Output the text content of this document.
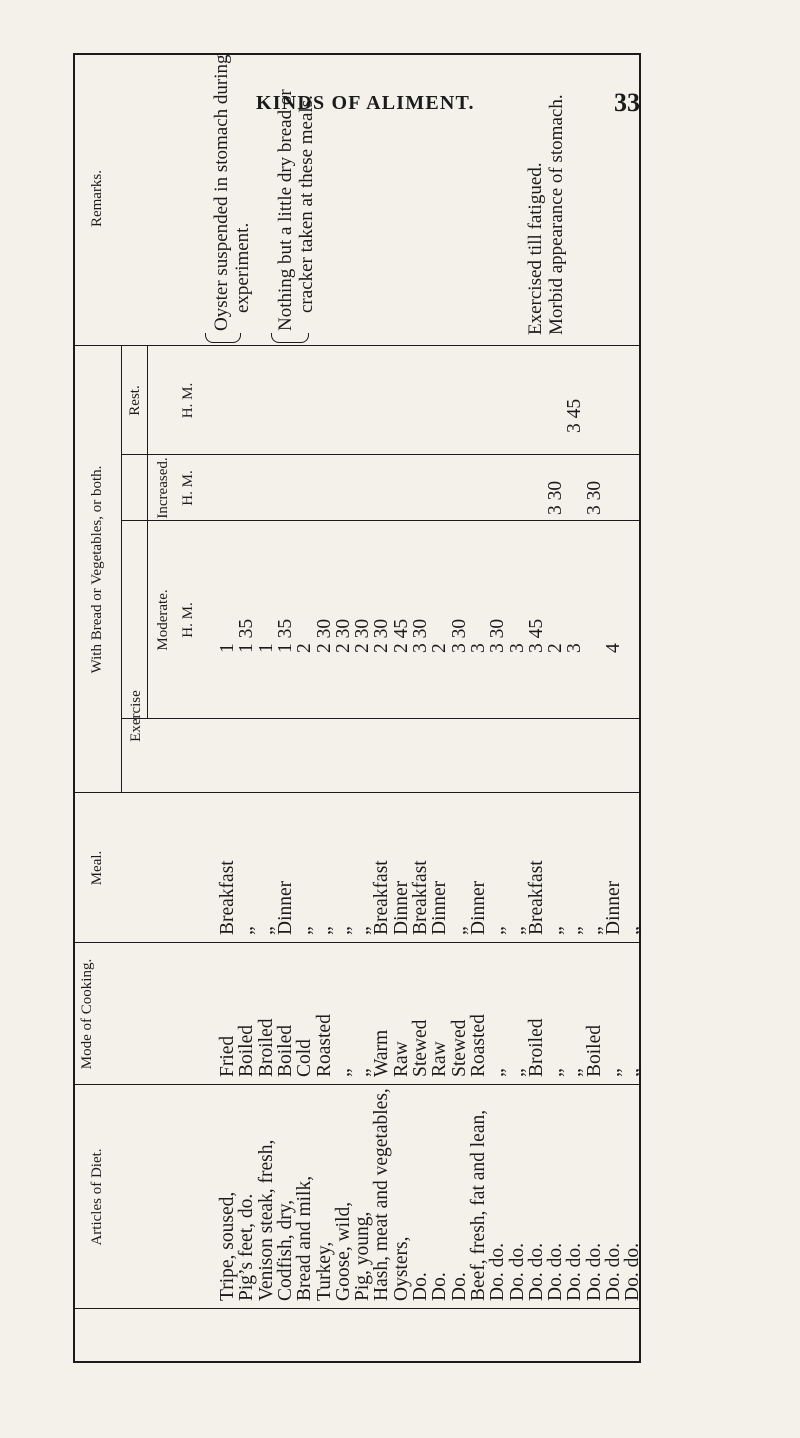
KINDS OF ALIMENT.	33
Articles of Diet.
Mode of Cooking.
Meal.
With Bread or Vegetables, or both.
Exercise
Moderate.
Increased.
Rest.
H. M.
H. M.
H. M.
Remarks.
Tripe, soused,
Pig’s feet, do.
Venison steak, fresh,
Codfish, dry,
Bread and milk,
Turkey,
Goose, wild,
Pig, young,
Hash, meat and vegetables,
Oysters,
Do.
Do.
Do.
Beef, fresh, fat and lean,
Do. do.
Do. do.
Do. do.
Do. do.
Do. do.
Do. do.
Do. do.
Do. do.
Fried
Boiled
Broiled
Boiled
Cold
Roasted
„
„
Warm
Raw
Stewed
Raw
Stewed
Roasted
„
„
Broiled
„
„
Boiled
„
„
Breakfast
„
„
Dinner
„
„
„
„
Breakfast
Dinner
Breakfast
Dinner
„
Dinner
„
„
Breakfast
„
„
„
Dinner
„
1
1 35
1
1 35
2
2 30
2 30
2 30
2 30
2 45
3 30
2
3 30
3
3 30
3
3 45
2
3 4
3 30 3 30
3 45
Oyster suspended in stomach during experiment. Nothing but a little dry bread or cracker taken at these meals.	Exercised till fatigued. Morbid appearance of stomach.
